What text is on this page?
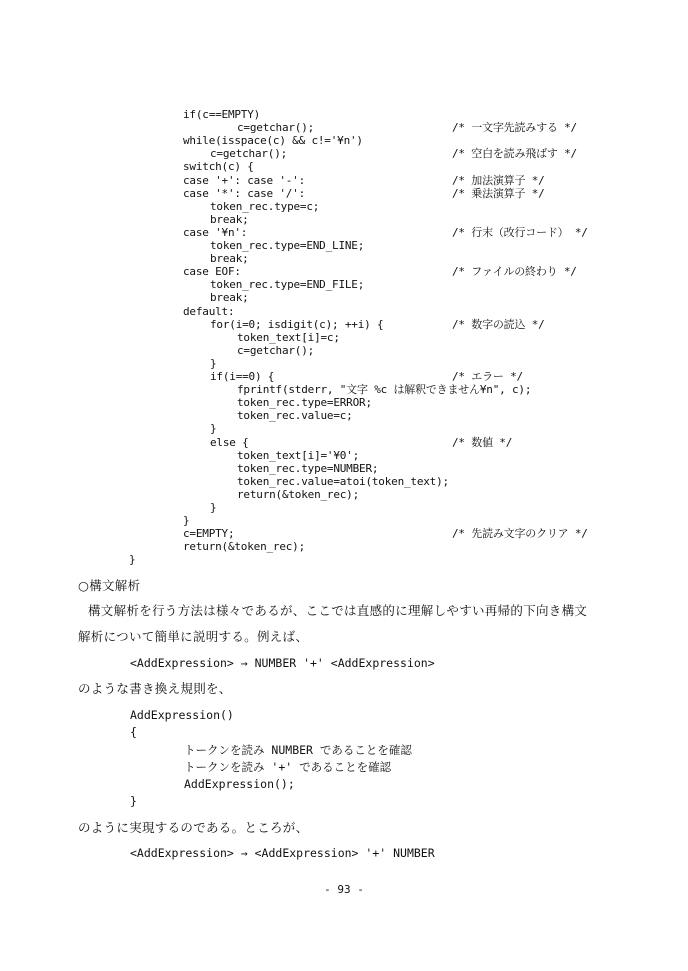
if(c==EMPTY)
c=getchar();	/* 一文字先読みする */
while(isspace(c) && c!='¥n')
c=getchar();	/* 空白を読み飛ばす */
switch(c) {
case '+': case '-':	/* 加法演算子 */
case '*': case '/':	/* 乗法演算子 */
token_rec.type=c;
break;
case '¥n':	/* 行末（改行コード） */
token_rec.type=END_LINE;
break;
case EOF:	/* ファイルの終わり */
token_rec.type=END_FILE;
break;
default:
for(i=0; isdigit(c); ++i) {	/* 数字の読込 */
token_text[i]=c;
c=getchar();
}
if(i==0) {	/* エラー */
fprintf(stderr, "文字 %c は解釈できません¥n", c);
token_rec.type=ERROR;
token_rec.value=c;
}
else {	/* 数値 */
token_text[i]='¥0';
token_rec.type=NUMBER;
token_rec.value=atoi(token_text);
return(&token_rec);
}
}
c=EMPTY;	/* 先読み文字のクリア */
return(&token_rec);
}
○構文解析
構文解析を行う方法は様々であるが、ここでは直感的に理解しやすい再帰的下向き構文
解析について簡単に説明する。例えば、
<AddExpression> → NUMBER '+' <AddExpression>
のような書き換え規則を、
AddExpression()
{
トークンを読み NUMBER であることを確認
トークンを読み '+' であることを確認
AddExpression();
}
のように実現するのである。ところが、
<AddExpression> → <AddExpression> '+' NUMBER
- 93 -
